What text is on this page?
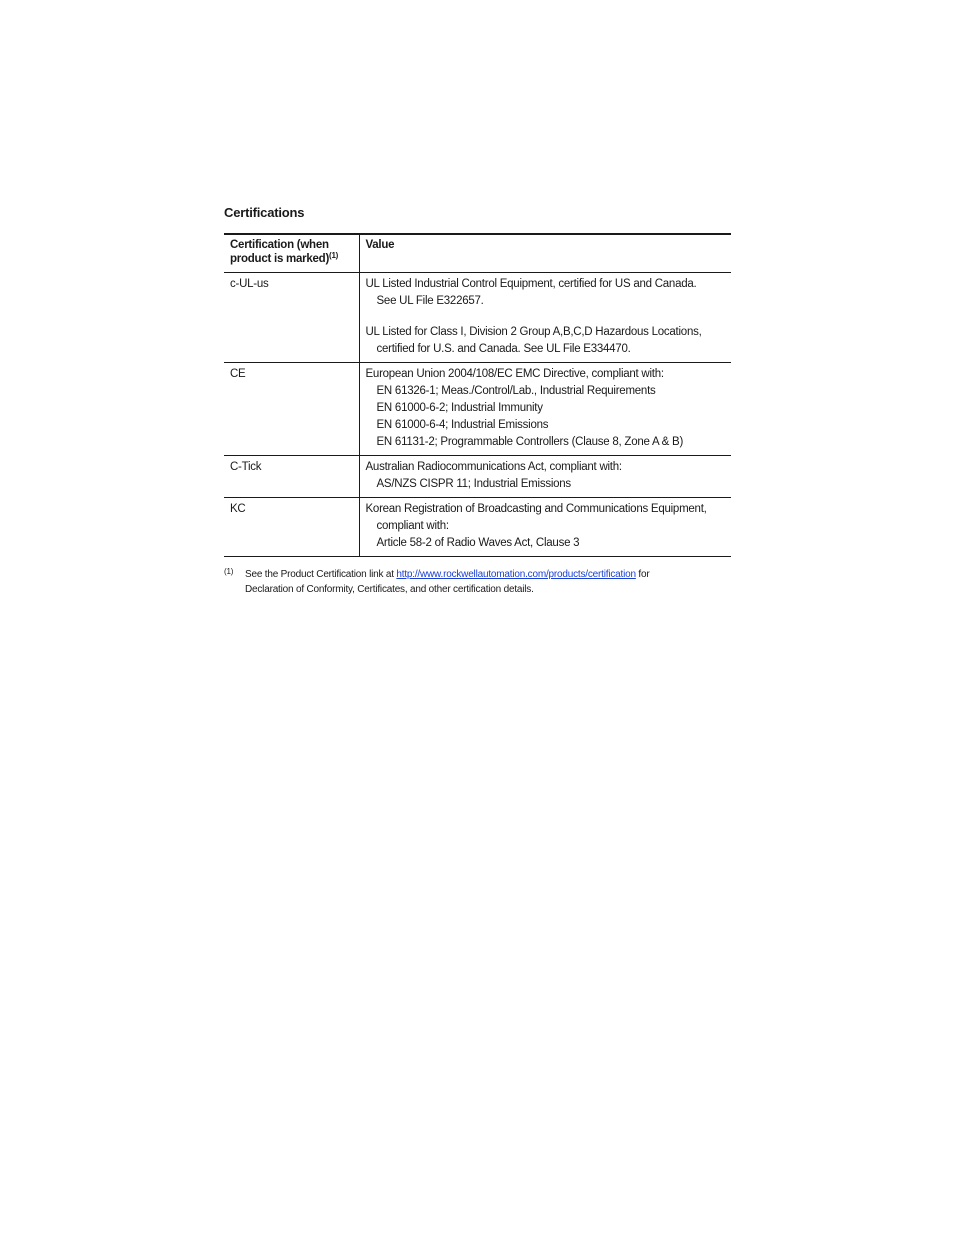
Certifications
Certification (when
product is marked)$^{(1)}$	Value
c-UL-us	UL Listed Industrial Control Equipment, certified for US and Canada.
See UL File E322657.

UL Listed for Class I, Division 2 Group A,B,C,D Hazardous Locations,
certified for U.S. and Canada. See UL File E334470.

CE	European Union 2004/108/EC EMC Directive, compliant with:
EN 61326-1; Meas./Control/Lab., Industrial Requirements
EN 61000-6-2; Industrial Immunity
EN 61000-6-4; Industrial Emissions
EN 61131-2; Programmable Controllers (Clause 8, Zone A & B)

C-Tick	Australian Radiocommunications Act, compliant with:
AS/NZS CISPR 11; Industrial Emissions

KC	Korean Registration of Broadcasting and Communications Equipment,
compliant with:
Article 58-2 of Radio Waves Act, Clause 3
(1) See the Product Certification link at http://www.rockwellautomation.com/products/certification for
Declaration of Conformity, Certificates, and other certification details.
